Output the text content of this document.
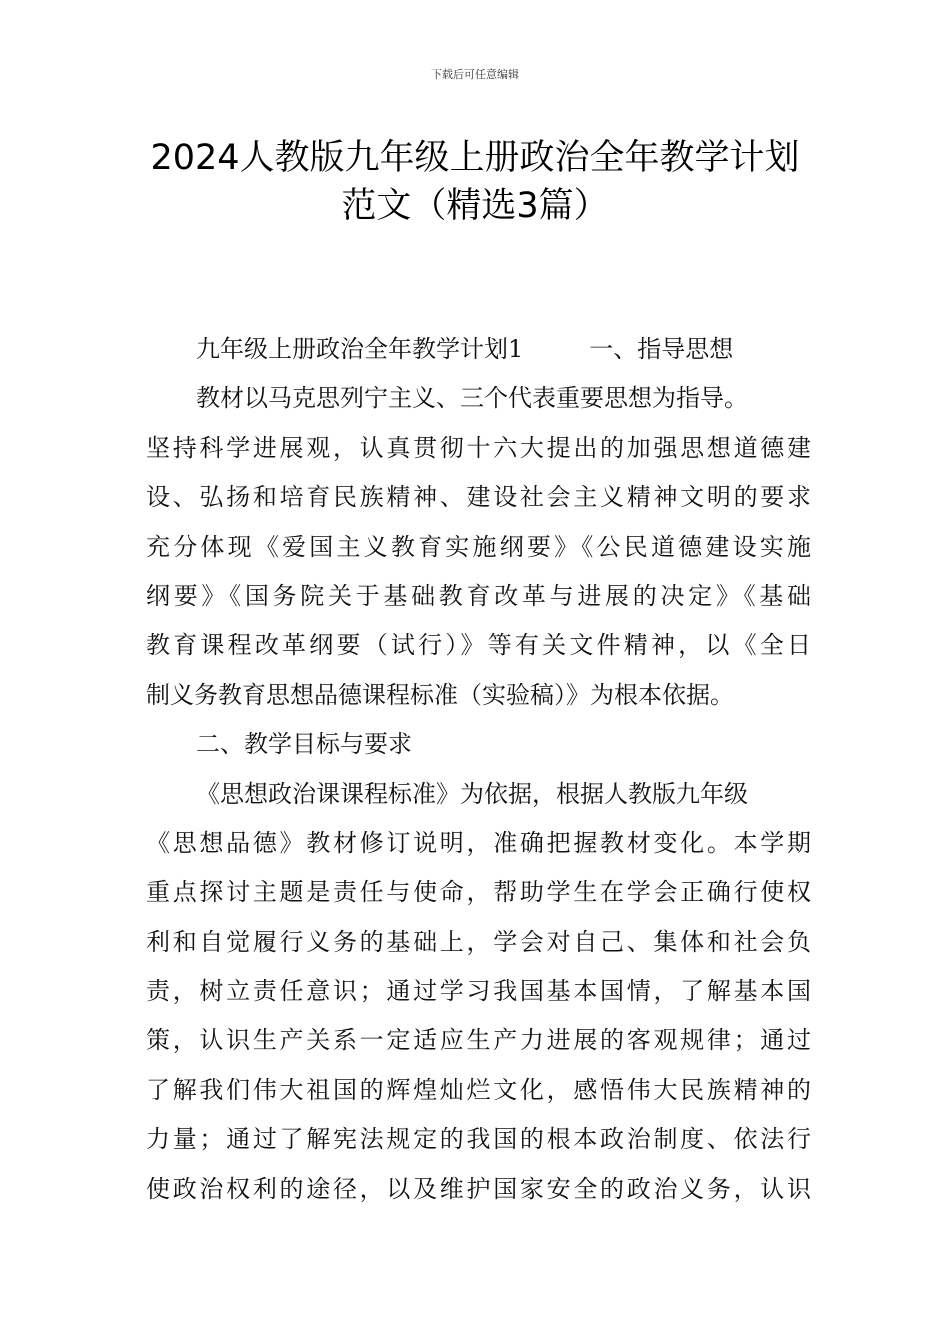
下载后可任意编辑
2024人教版九年级上册政治全年教学计划
范文（精选3篇）
九年级上册政治全年教学计划1	一、指导思想
教材以马克思列宁主义、三个代表重要思想为指导。
坚持科学进展观，认真贯彻十六大提出的加强思想道德建
设、弘扬和培育民族精神、建设社会主义精神文明的要求
充分体现《爱国主义教育实施纲要》《公民道德建设实施
纲要》《国务院关于基础教育改革与进展的决定》《基础
教育课程改革纲要（试行）》等有关文件精神，以《全日
制义务教育思想品德课程标准（实验稿）》为根本依据。
二、教学目标与要求
《思想政治课课程标准》为依据，根据人教版九年级
《思想品德》教材修订说明，准确把握教材变化。本学期
重点探讨主题是责任与使命，帮助学生在学会正确行使权
利和自觉履行义务的基础上，学会对自己、集体和社会负
责，树立责任意识；通过学习我国基本国情，了解基本国
策，认识生产关系一定适应生产力进展的客观规律；通过
了解我们伟大祖国的辉煌灿烂文化，感悟伟大民族精神的
力量；通过了解宪法规定的我国的根本政治制度、依法行
使政治权利的途径，以及维护国家安全的政治义务，认识
